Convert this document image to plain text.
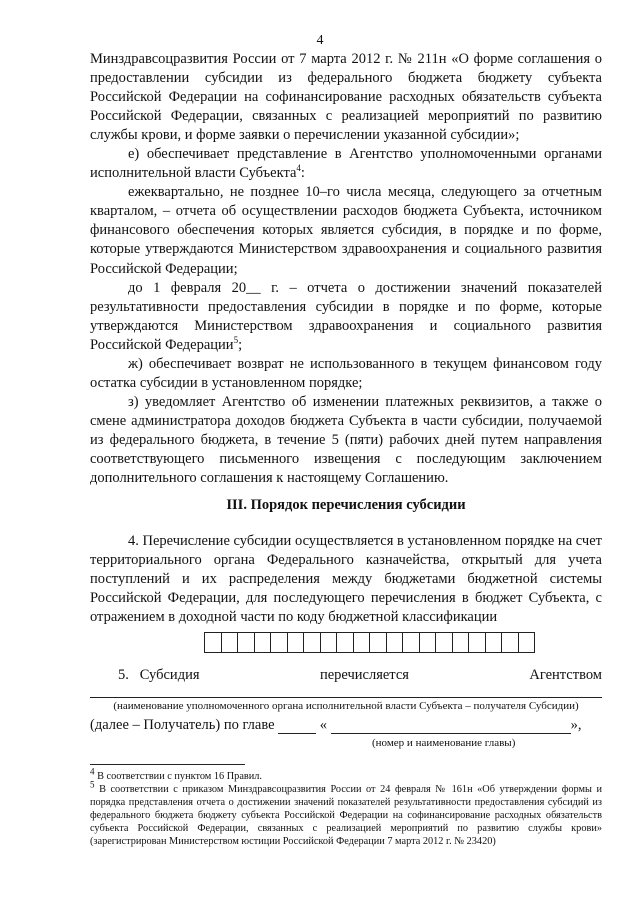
4

Минздравсоцразвития России от 7 марта 2012 г. № 211н «О форме соглашения о предоставлении субсидии из федерального бюджета бюджету субъекта Российской Федерации на софинансирование расходных обязательств субъекта Российской Федерации, связанных с реализацией мероприятий по развитию службы крови, и форме заявки о перечислении указанной субсидии»;

е) обеспечивает представление в Агентство уполномоченными органами исполнительной власти Субъекта$^4$:

ежеквартально, не позднее 10–го числа месяца, следующего за отчетным кварталом, – отчета об осуществлении расходов бюджета Субъекта, источником финансового обеспечения которых является субсидия, в порядке и по форме, которые утверждаются Министерством здравоохранения и социального развития Российской Федерации;

до 1 февраля 20__ г. – отчета о достижении значений показателей результативности предоставления субсидии в порядке и по форме, которые утверждаются Министерством здравоохранения и социального развития Российской Федерации$^5$;

ж) обеспечивает возврат не использованного в текущем финансовом году остатка субсидии в установленном порядке;

з) уведомляет Агентство об изменении платежных реквизитов, а также о смене администратора доходов бюджета Субъекта в части субсидии, получаемой из федерального бюджета, в течение 5 (пяти) рабочих дней путем направления соответствующего письменного извещения с последующим заключением дополнительного соглашения к настоящему Соглашению.

III. Порядок перечисления субсидии

4. Перечисление субсидии осуществляется в установленном порядке на счет территориального органа Федерального казначейства, открытый для учета поступлений и их распределения между бюджетами бюджетной системы Российской Федерации, для последующего перечисления в бюджет Субъекта, с отражением в доходной части по коду бюджетной классификации

5. Субсидия	перечисляется	Агентством
(наименование уполномоченного органа исполнительной власти Субъекта – получателя Субсидии)
(далее – Получатель) по главе	«	»,
(номер и наименование главы)

$^4$ В соответствии с пунктом 16 Правил.

$^5$ В соответствии с приказом Минздравсоцразвития России от 24 февраля № 161н «Об утверждении формы и порядка представления отчета о достижении значений показателей результативности предоставления субсидий из федерального бюджета бюджету субъекта Российской Федерации на софинансирование расходных обязательств субъекта Российской Федерации, связанных с реализацией мероприятий по развитию службы крови» (зарегистрирован Министерством юстиции Российской Федерации 7 марта 2012 г. № 23420)
